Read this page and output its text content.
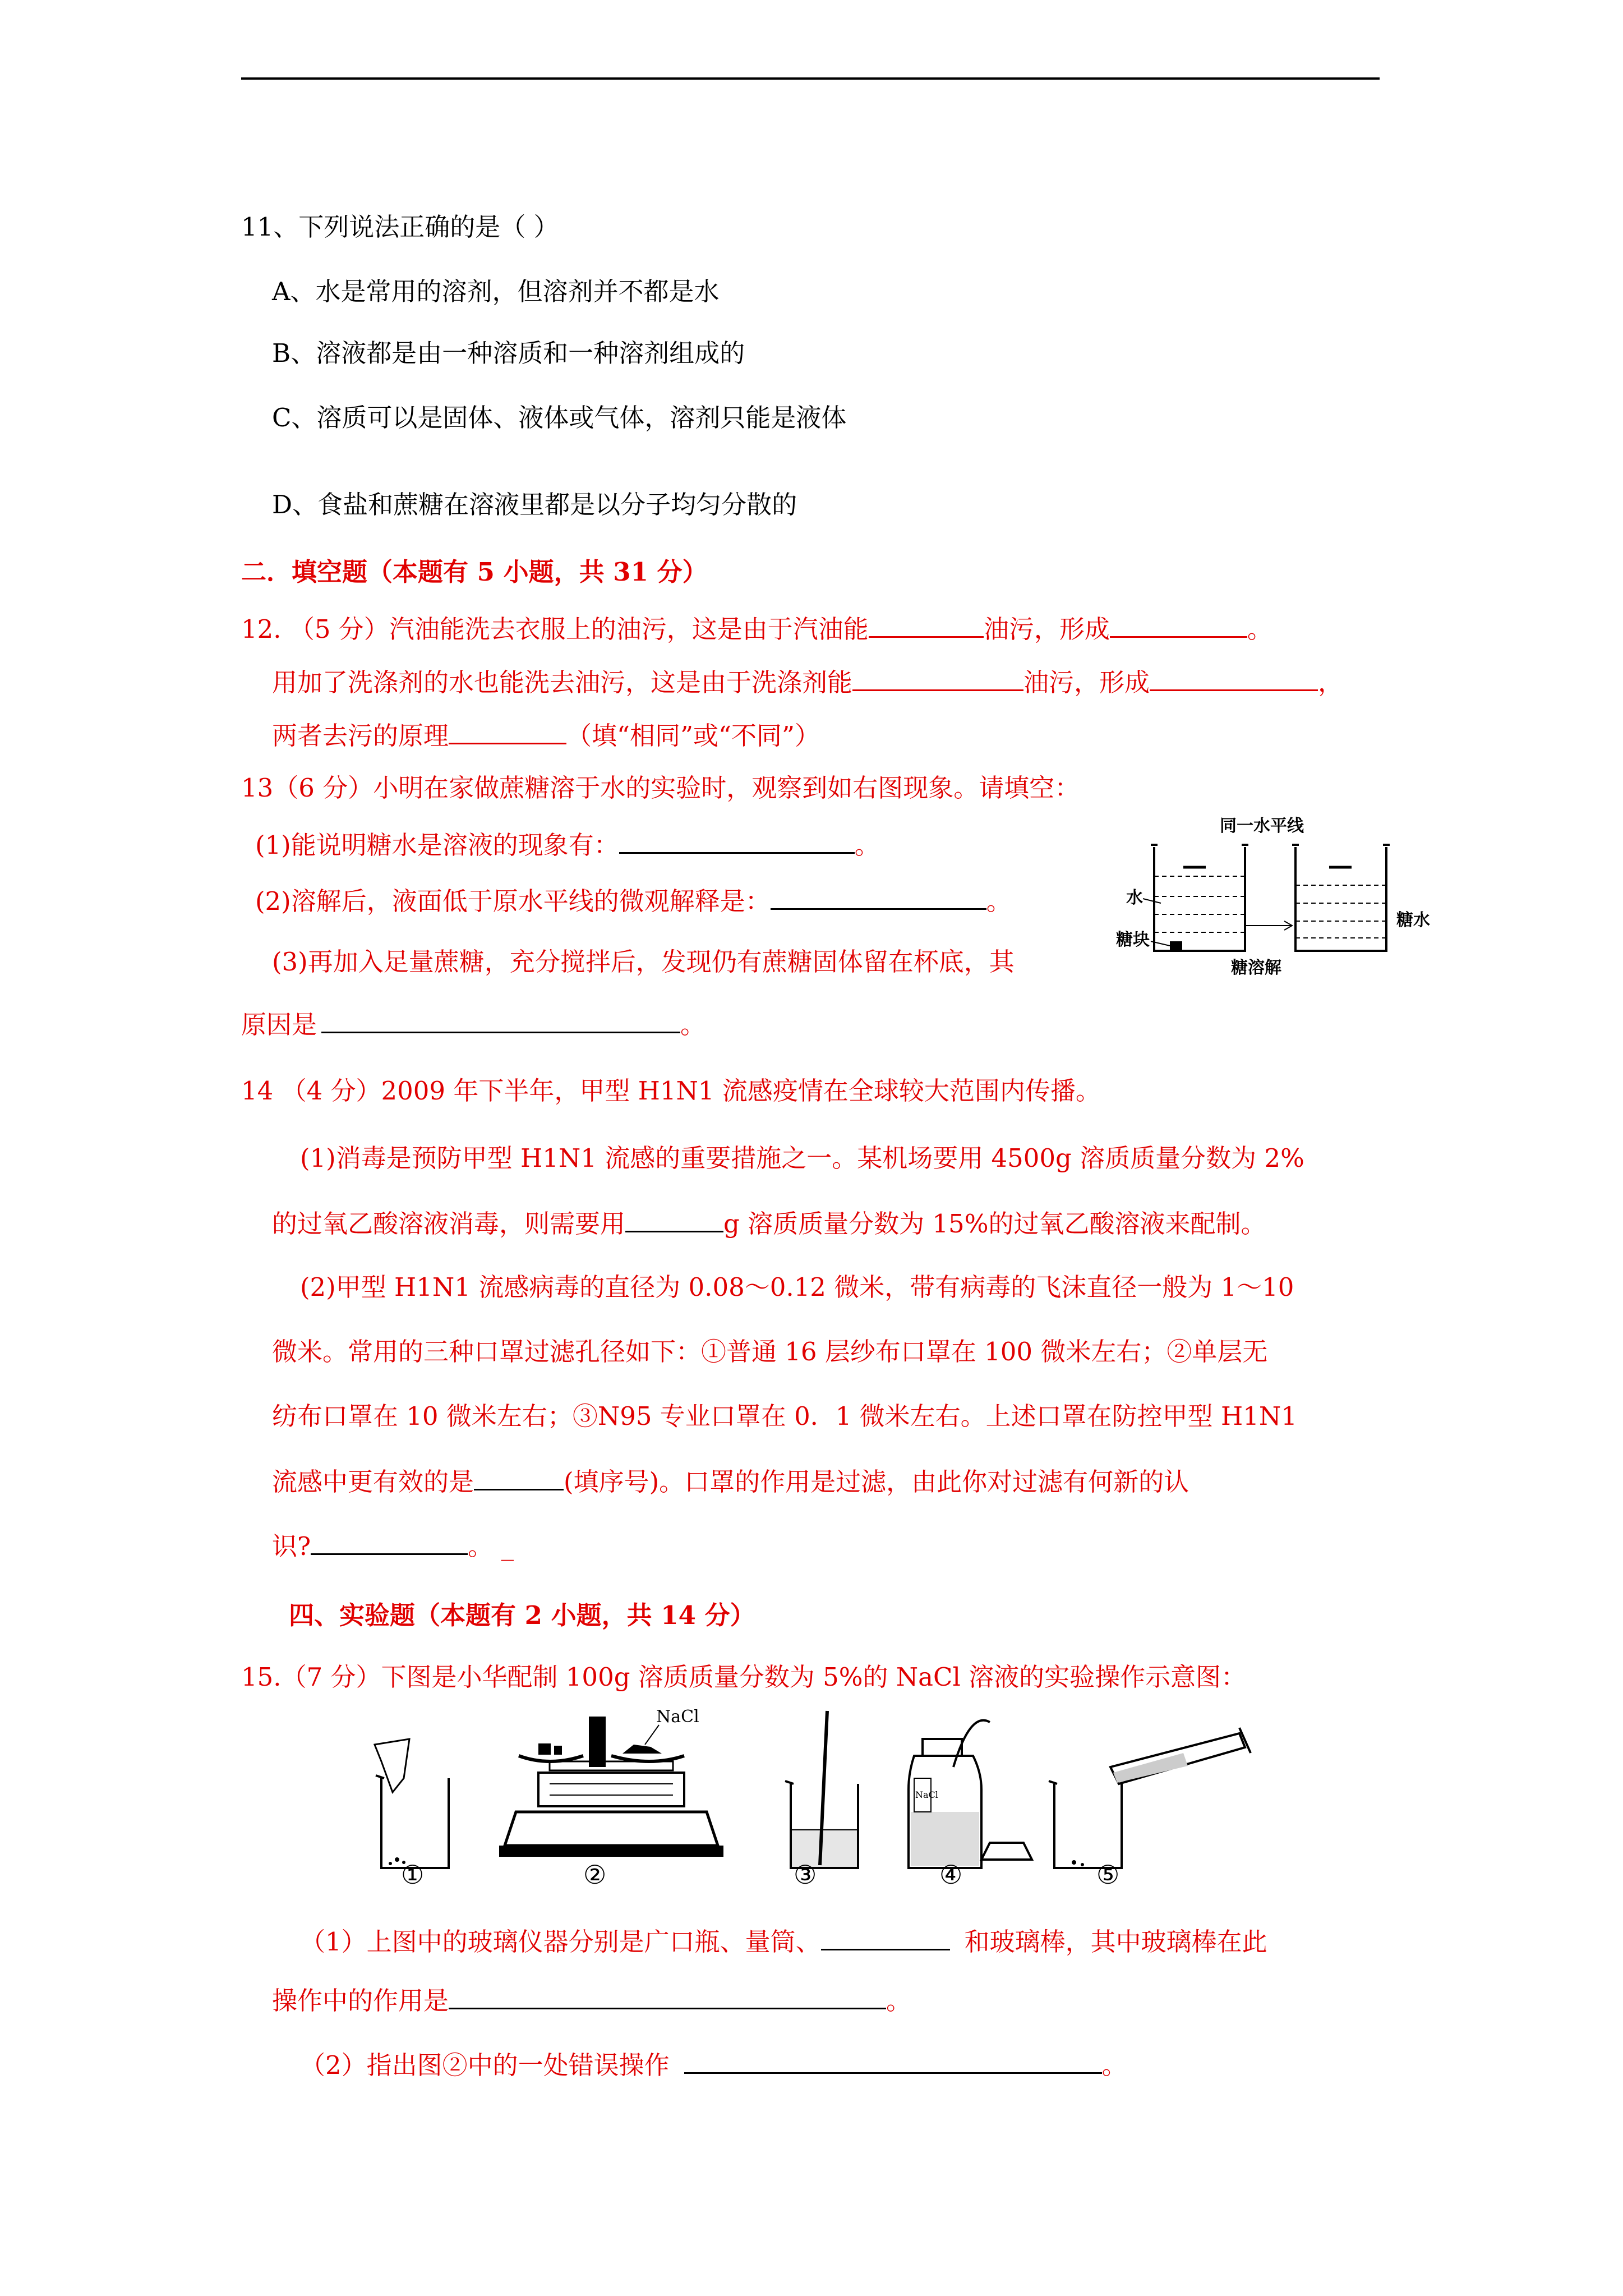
11、下列说法正确的是（ ）
A、水是常用的溶剂，但溶剂并不都是水
B、溶液都是由一种溶质和一种溶剂组成的
C、溶质可以是固体、液体或气体，溶剂只能是液体
D、食盐和蔗糖在溶液里都是以分子均匀分散的
二．填空题（本题有 5 小题，共 31 分）
12. （5 分）汽油能洗去衣服上的油污，这是由于汽油能	油污，形成	。
用加了洗涤剂的水也能洗去油污，这是由于洗涤剂能	油污，形成	，
两者去污的原理	（填“相同”或“不同”）
13（6 分）小明在家做蔗糖溶于水的实验时，观察到如右图现象。请填空：
(1)能说明糖水是溶液的现象有：	。
(2)溶解后，液面低于原水平线的微观解释是：	。
(3)再加入足量蔗糖，充分搅拌后，发现仍有蔗糖固体留在杯底，其
原因是	。
同一水平线
水
糖块
糖水
糖溶解
14 （4 分）2009 年下半年，甲型 H1N1 流感疫情在全球较大范围内传播。
(1)消毒是预防甲型 H1N1 流感的重要措施之一。某机场要用 4500g 溶质质量分数为 2%
的过氧乙酸溶液消毒，则需要用	g 溶质质量分数为 15%的过氧乙酸溶液来配制。
(2)甲型 H1N1 流感病毒的直径为 0.08～0.12 微米，带有病毒的飞沫直径一般为 1～10
微米。常用的三种口罩过滤孔径如下：①普通 16 层纱布口罩在 100 微米左右；②单层无
纺布口罩在 10 微米左右；③N95 专业口罩在 0．1 微米左右。上述口罩在防控甲型 H1N1
流感中更有效的是	(填序号)。口罩的作用是过滤，由此你对过滤有何新的认
识?	。 _
四、实验题（本题有 2 小题，共 14 分）
15.（7 分）下图是小华配制 100g 溶质质量分数为 5%的 NaCl 溶液的实验操作示意图：
NaCl
NaCl
①	②	③	④	⑤
（1）上图中的玻璃仪器分别是广口瓶、量筒、	和玻璃棒，其中玻璃棒在此
操作中的作用是	。
（2）指出图②中的一处错误操作	。
